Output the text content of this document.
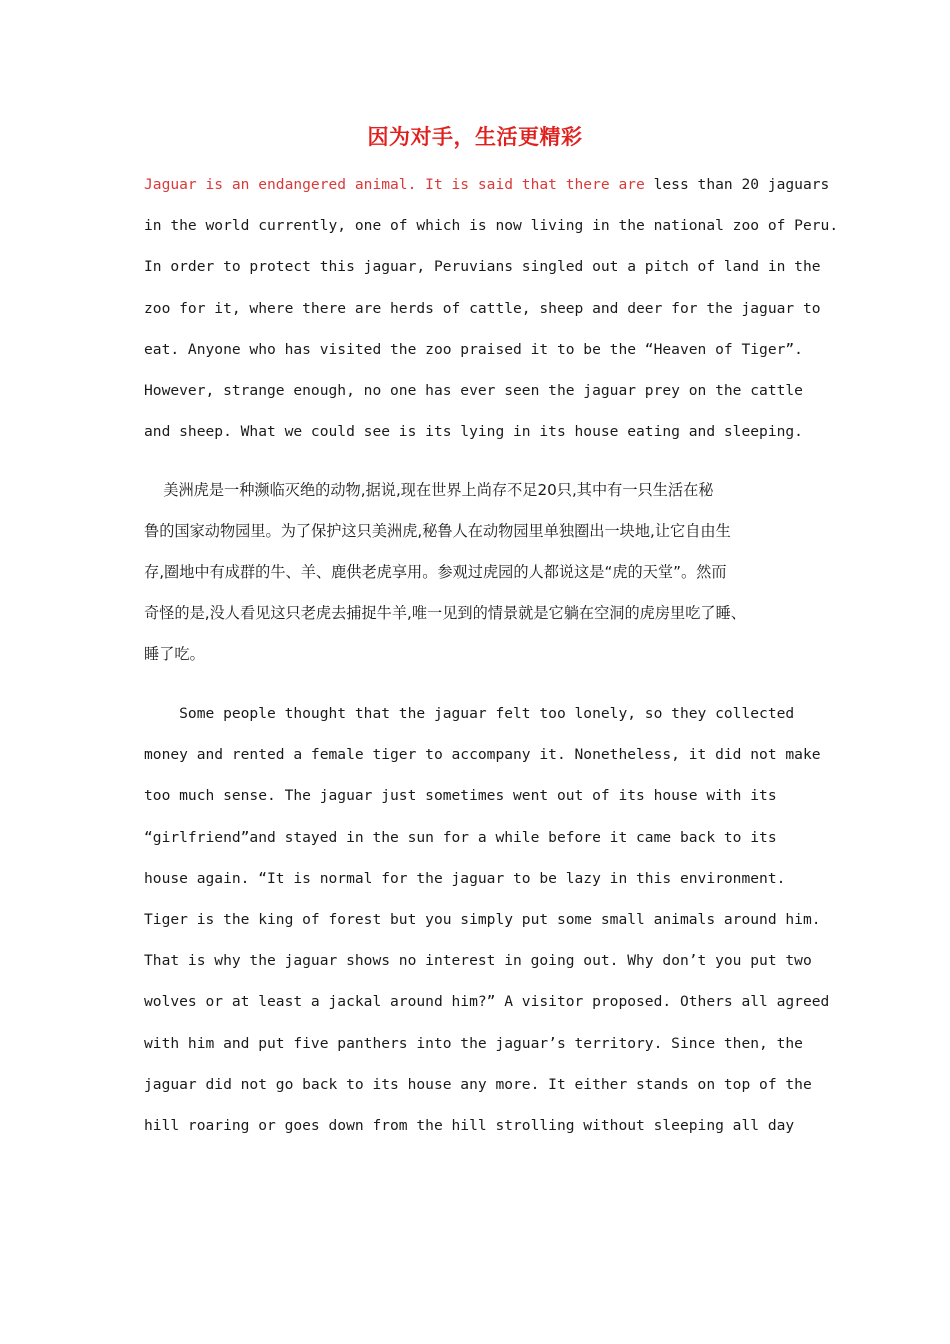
因为对手，生活更精彩
Jaguar is an endangered animal. It is said that there are less than 20 jaguars
in the world currently, one of which is now living in the national zoo of Peru.
In order to protect this jaguar, Peruvians singled out a pitch of land in the
zoo for it, where there are herds of cattle, sheep and deer for the jaguar to
eat. Anyone who has visited the zoo praised it to be the “Heaven of Tiger”.
However, strange enough, no one has ever seen the jaguar prey on the cattle
and sheep. What we could see is its lying in its house eating and sleeping.
美洲虎是一种濒临灭绝的动物,据说,现在世界上尚存不足20只,其中有一只生活在秘
鲁的国家动物园里。为了保护这只美洲虎,秘鲁人在动物园里单独圈出一块地,让它自由生
存,圈地中有成群的牛、羊、鹿供老虎享用。参观过虎园的人都说这是“虎的天堂”。然而
奇怪的是,没人看见这只老虎去捕捉牛羊,唯一见到的情景就是它躺在空洞的虎房里吃了睡、
睡了吃。
Some people thought that the jaguar felt too lonely, so they collected
money and rented a female tiger to accompany it. Nonetheless, it did not make
too much sense. The jaguar just sometimes went out of its house with its
“girlfriend”and stayed in the sun for a while before it came back to its
house again. “It is normal for the jaguar to be lazy in this environment.
Tiger is the king of forest but you simply put some small animals around him.
That is why the jaguar shows no interest in going out. Why don’t you put two
wolves or at least a jackal around him?” A visitor proposed. Others all agreed
with him and put five panthers into the jaguar’s territory. Since then, the
jaguar did not go back to its house any more. It either stands on top of the
hill roaring or goes down from the hill strolling without sleeping all day
